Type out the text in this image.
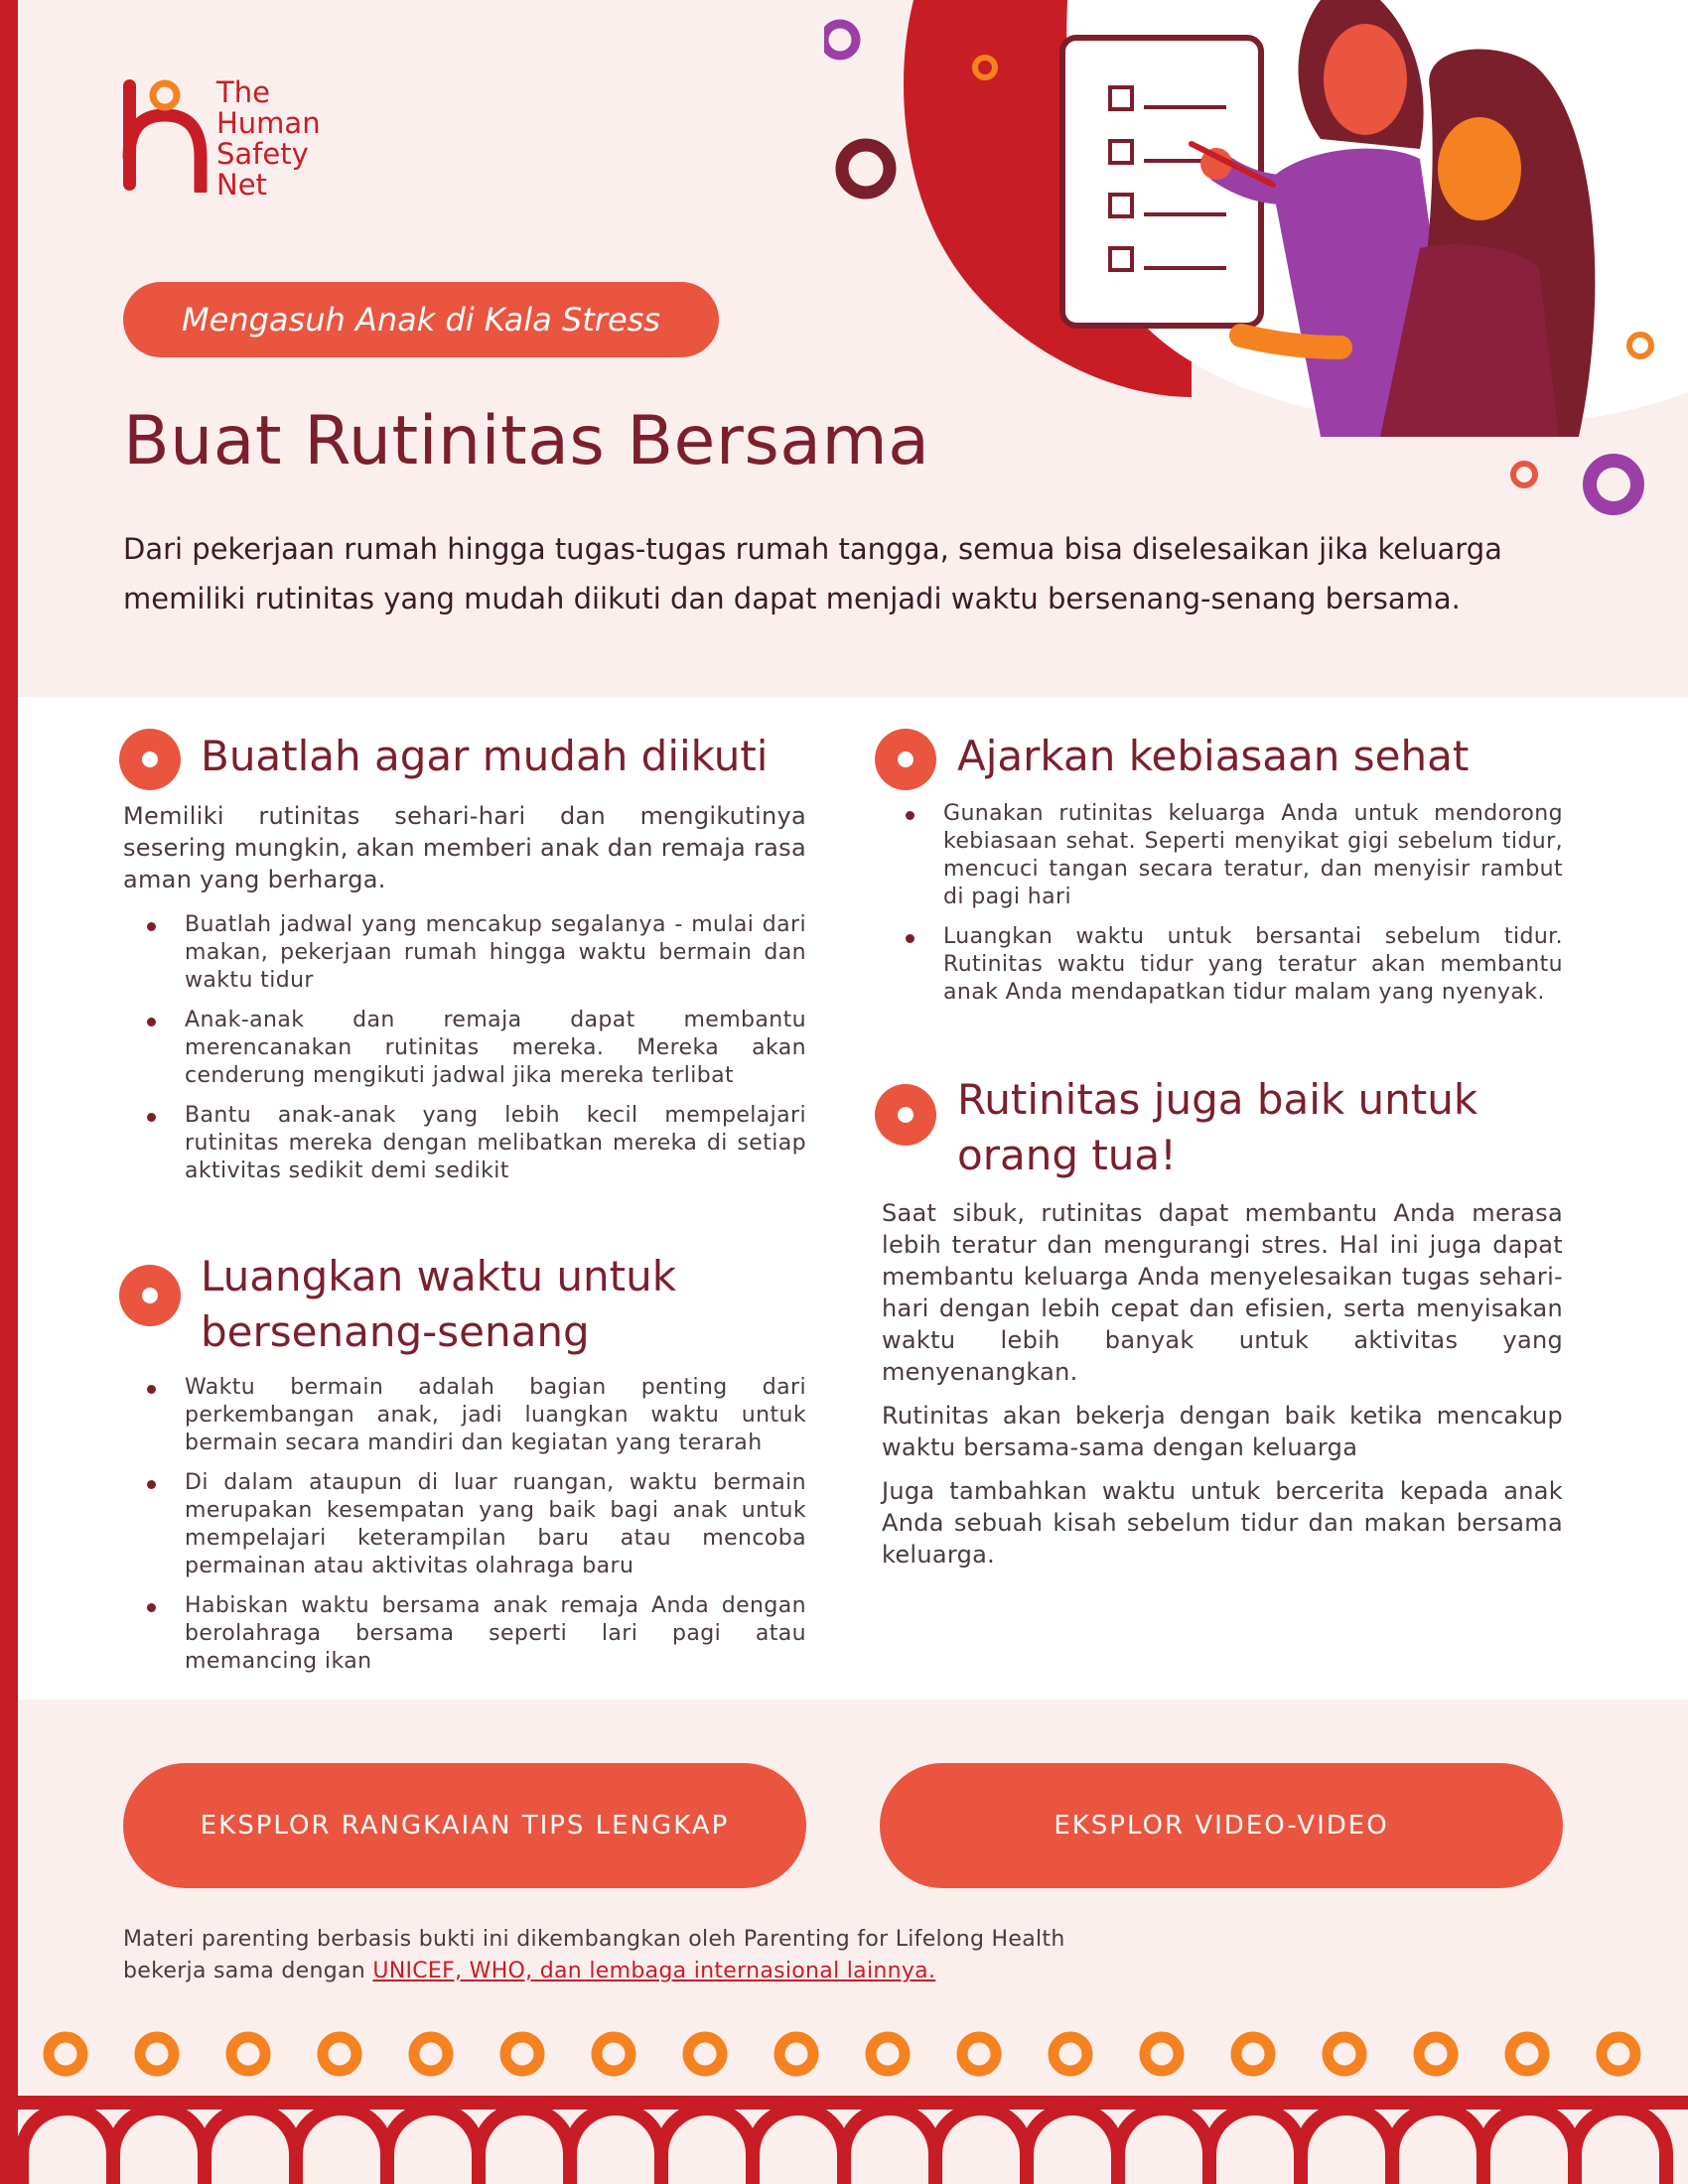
The
Human
Safety
Net
Mengasuh Anak di Kala Stress
Buat Rutinitas Bersama

Dari pekerjaan rumah hingga tugas-tugas rumah tangga, semua bisa diselesaikan jika keluarga memiliki rutinitas yang mudah diikuti dan dapat menjadi waktu bersenang-senang bersama.

Buatlah agar mudah diikuti

Memiliki rutinitas sehari-hari dan mengikutinya sesering mungkin, akan memberi anak dan remaja rasa aman yang berharga.

Buatlah jadwal yang mencakup segalanya - mulai dari makan, pekerjaan rumah hingga waktu bermain dan waktu tidur
Anak-anak dan remaja dapat membantu merencanakan rutinitas mereka. Mereka akan cenderung mengikuti jadwal jika mereka terlibat
Bantu anak-anak yang lebih kecil mempelajari rutinitas mereka dengan melibatkan mereka di setiap aktivitas sedikit demi sedikit
Luangkan waktu untuk
bersenang-senang
Waktu bermain adalah bagian penting dari perkembangan anak, jadi luangkan waktu untuk bermain secara mandiri dan kegiatan yang terarah
Di dalam ataupun di luar ruangan, waktu bermain merupakan kesempatan yang baik bagi anak untuk mempelajari keterampilan baru atau mencoba permainan atau aktivitas olahraga baru
Habiskan waktu bersama anak remaja Anda dengan berolahraga bersama seperti lari pagi atau memancing ikan
Ajarkan kebiasaan sehat
Gunakan rutinitas keluarga Anda untuk mendorong kebiasaan sehat. Seperti menyikat gigi sebelum tidur, mencuci tangan secara teratur, dan menyisir rambut di pagi hari
Luangkan waktu untuk bersantai sebelum tidur. Rutinitas waktu tidur yang teratur akan membantu anak Anda mendapatkan tidur malam yang nyenyak.
Rutinitas juga baik untuk
orang tua!

Saat sibuk, rutinitas dapat membantu Anda merasa lebih teratur dan mengurangi stres. Hal ini juga dapat membantu keluarga Anda menyelesaikan tugas sehari-hari dengan lebih cepat dan efisien, serta menyisakan waktu lebih banyak untuk aktivitas yang menyenangkan.

Rutinitas akan bekerja dengan baik ketika mencakup waktu bersama-sama dengan keluarga

Juga tambahkan waktu untuk bercerita kepada anak Anda sebuah kisah sebelum tidur dan makan bersama keluarga.

EKSPLOR RANGKAIAN TIPS LENGKAP	EKSPLOR VIDEO-VIDEO

Materi parenting berbasis bukti ini dikembangkan oleh Parenting for Lifelong Health
bekerja sama dengan UNICEF, WHO, dan lembaga internasional lainnya.
